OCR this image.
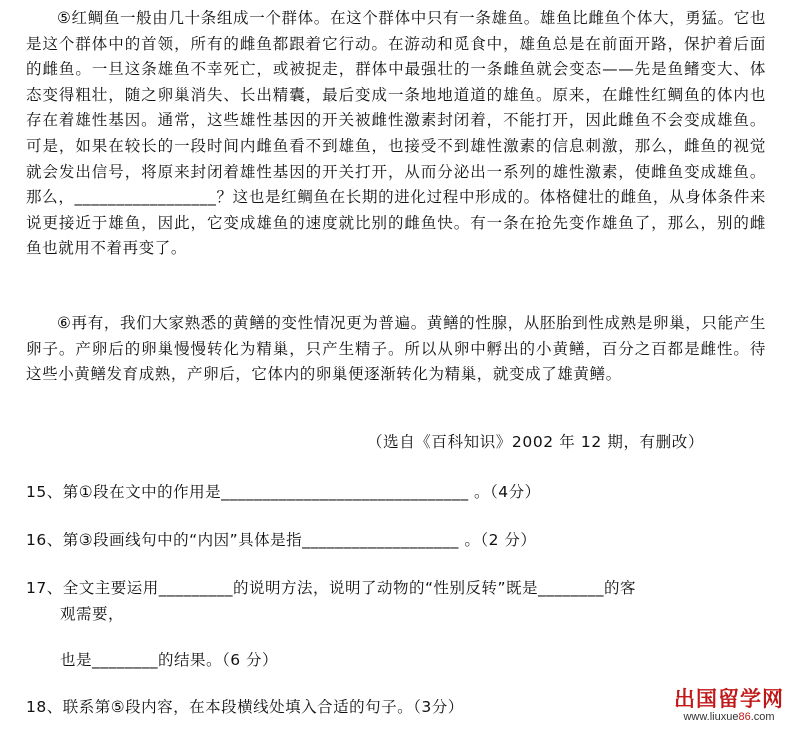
⑤红鲷鱼一般由几十条组成一个群体。在这个群体中只有一条雄鱼。雄鱼比雌鱼个体大，勇猛。它也是这个群体中的首领，所有的雌鱼都跟着它行动。在游动和觅食中，雄鱼总是在前面开路，保护着后面的雌鱼。一旦这条雄鱼不幸死亡，或被捉走，群体中最强壮的一条雌鱼就会变态——先是鱼鳍变大、体态变得粗壮，随之卵巢消失、长出精囊，最后变成一条地地道道的雄鱼。原来，在雌性红鲷鱼的体内也存在着雄性基因。通常，这些雄性基因的开关被雌性激素封闭着，不能打开，因此雌鱼不会变成雄鱼。可是，如果在较长的一段时间内雌鱼看不到雄鱼，也接受不到雄性激素的信息刺激，那么，雌鱼的视觉就会发出信号，将原来封闭着雄性基因的开关打开，从而分泌出一系列的雄性激素，使雌鱼变成雄鱼。那么，_________________？这也是红鲷鱼在长期的进化过程中形成的。体格健壮的雌鱼，从身体条件来说更接近于雄鱼，因此，它变成雄鱼的速度就比别的雌鱼快。有一条在抢先变作雄鱼了，那么，别的雌鱼也就用不着再变了。

⑥再有，我们大家熟悉的黄鳝的变性情况更为普遍。黄鳝的性腺，从胚胎到性成熟是卵巢，只能产生卵子。产卵后的卵巢慢慢转化为精巢，只产生精子。所以从卵中孵出的小黄鳝，百分之百都是雌性。待这些小黄鳝发育成熟，产卵后，它体内的卵巢便逐渐转化为精巢，就变成了雄黄鳝。

（选自《百科知识》2002 年 12 期，有删改）
15、第①段在文中的作用是______________________________ 。（4分）
16、第③段画线句中的“内因”具体是指___________________ 。（2 分）
17、全文主要运用_________的说明方法，说明了动物的“性别反转”既是________的客
观需要，
也是________的结果。（6 分）
18、联系第⑤段内容，在本段横线处填入合适的句子。（3分）	出国留学网
www.liuxue86.com
